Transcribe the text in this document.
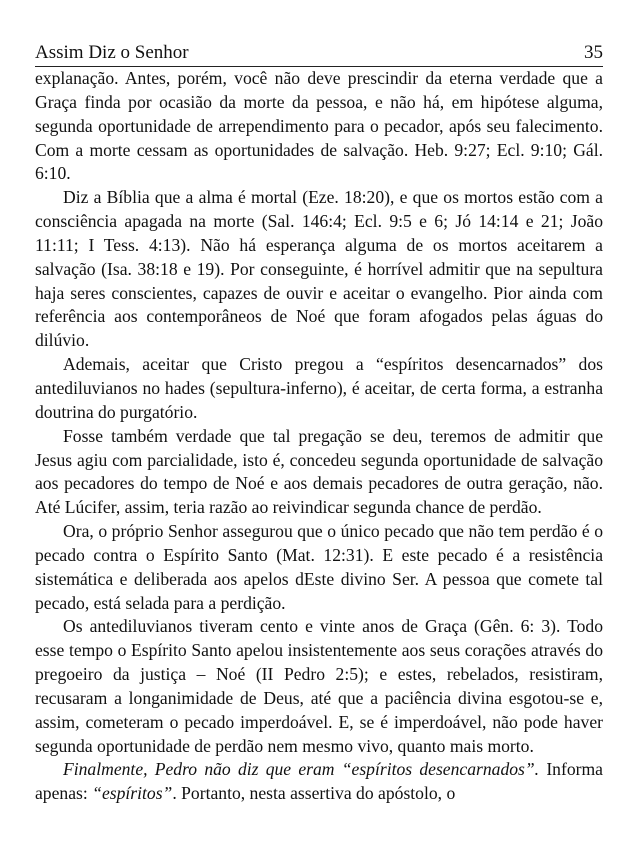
Assim Diz o Senhor	35

explanação. Antes, porém, você não deve prescindir da eterna verdade que a Graça finda por ocasião da morte da pessoa, e não há, em hipótese alguma, segunda oportunidade de arrependimento para o pecador, após seu falecimento. Com a morte cessam as oportunidades de salvação. Heb. 9:27; Ecl. 9:10; Gál. 6:10.

Diz a Bíblia que a alma é mortal (Eze. 18:20), e que os mortos estão com a consciência apagada na morte (Sal. 146:4; Ecl. 9:5 e 6; Jó 14:14 e 21; João 11:11; I Tess. 4:13). Não há esperança alguma de os mortos aceitarem a salvação (Isa. 38:18 e 19). Por conseguinte, é horrível admitir que na sepultura haja seres conscientes, capazes de ouvir e aceitar o evangelho. Pior ainda com referência aos contemporâneos de Noé que foram afogados pelas águas do dilúvio.

Ademais, aceitar que Cristo pregou a “espíritos desencarnados” dos antediluvianos no hades (sepultura-inferno), é aceitar, de certa forma, a estranha doutrina do purgatório.

Fosse também verdade que tal pregação se deu, teremos de admitir que Jesus agiu com parcialidade, isto é, concedeu segunda oportunidade de salvação aos pecadores do tempo de Noé e aos demais pecadores de outra geração, não. Até Lúcifer, assim, teria razão ao reivindicar segunda chance de perdão.

Ora, o próprio Senhor assegurou que o único pecado que não tem perdão é o pecado contra o Espírito Santo (Mat. 12:31). E este pecado é a resistência sistemática e deliberada aos apelos dEste divino Ser. A pessoa que comete tal pecado, está selada para a perdição.

Os antediluvianos tiveram cento e vinte anos de Graça (Gên. 6: 3). Todo esse tempo o Espírito Santo apelou insistentemente aos seus corações através do pregoeiro da justiça – Noé (II Pedro 2:5); e estes, rebelados, resistiram, recusaram a longanimidade de Deus, até que a paciência divina esgotou-se e, assim, cometeram o pecado imperdoável. E, se é imperdoável, não pode haver segunda oportunidade de perdão nem mesmo vivo, quanto mais morto.

Finalmente, Pedro não diz que eram “espíritos desencarnados”. Informa apenas: “espíritos”. Portanto, nesta assertiva do apóstolo, o
